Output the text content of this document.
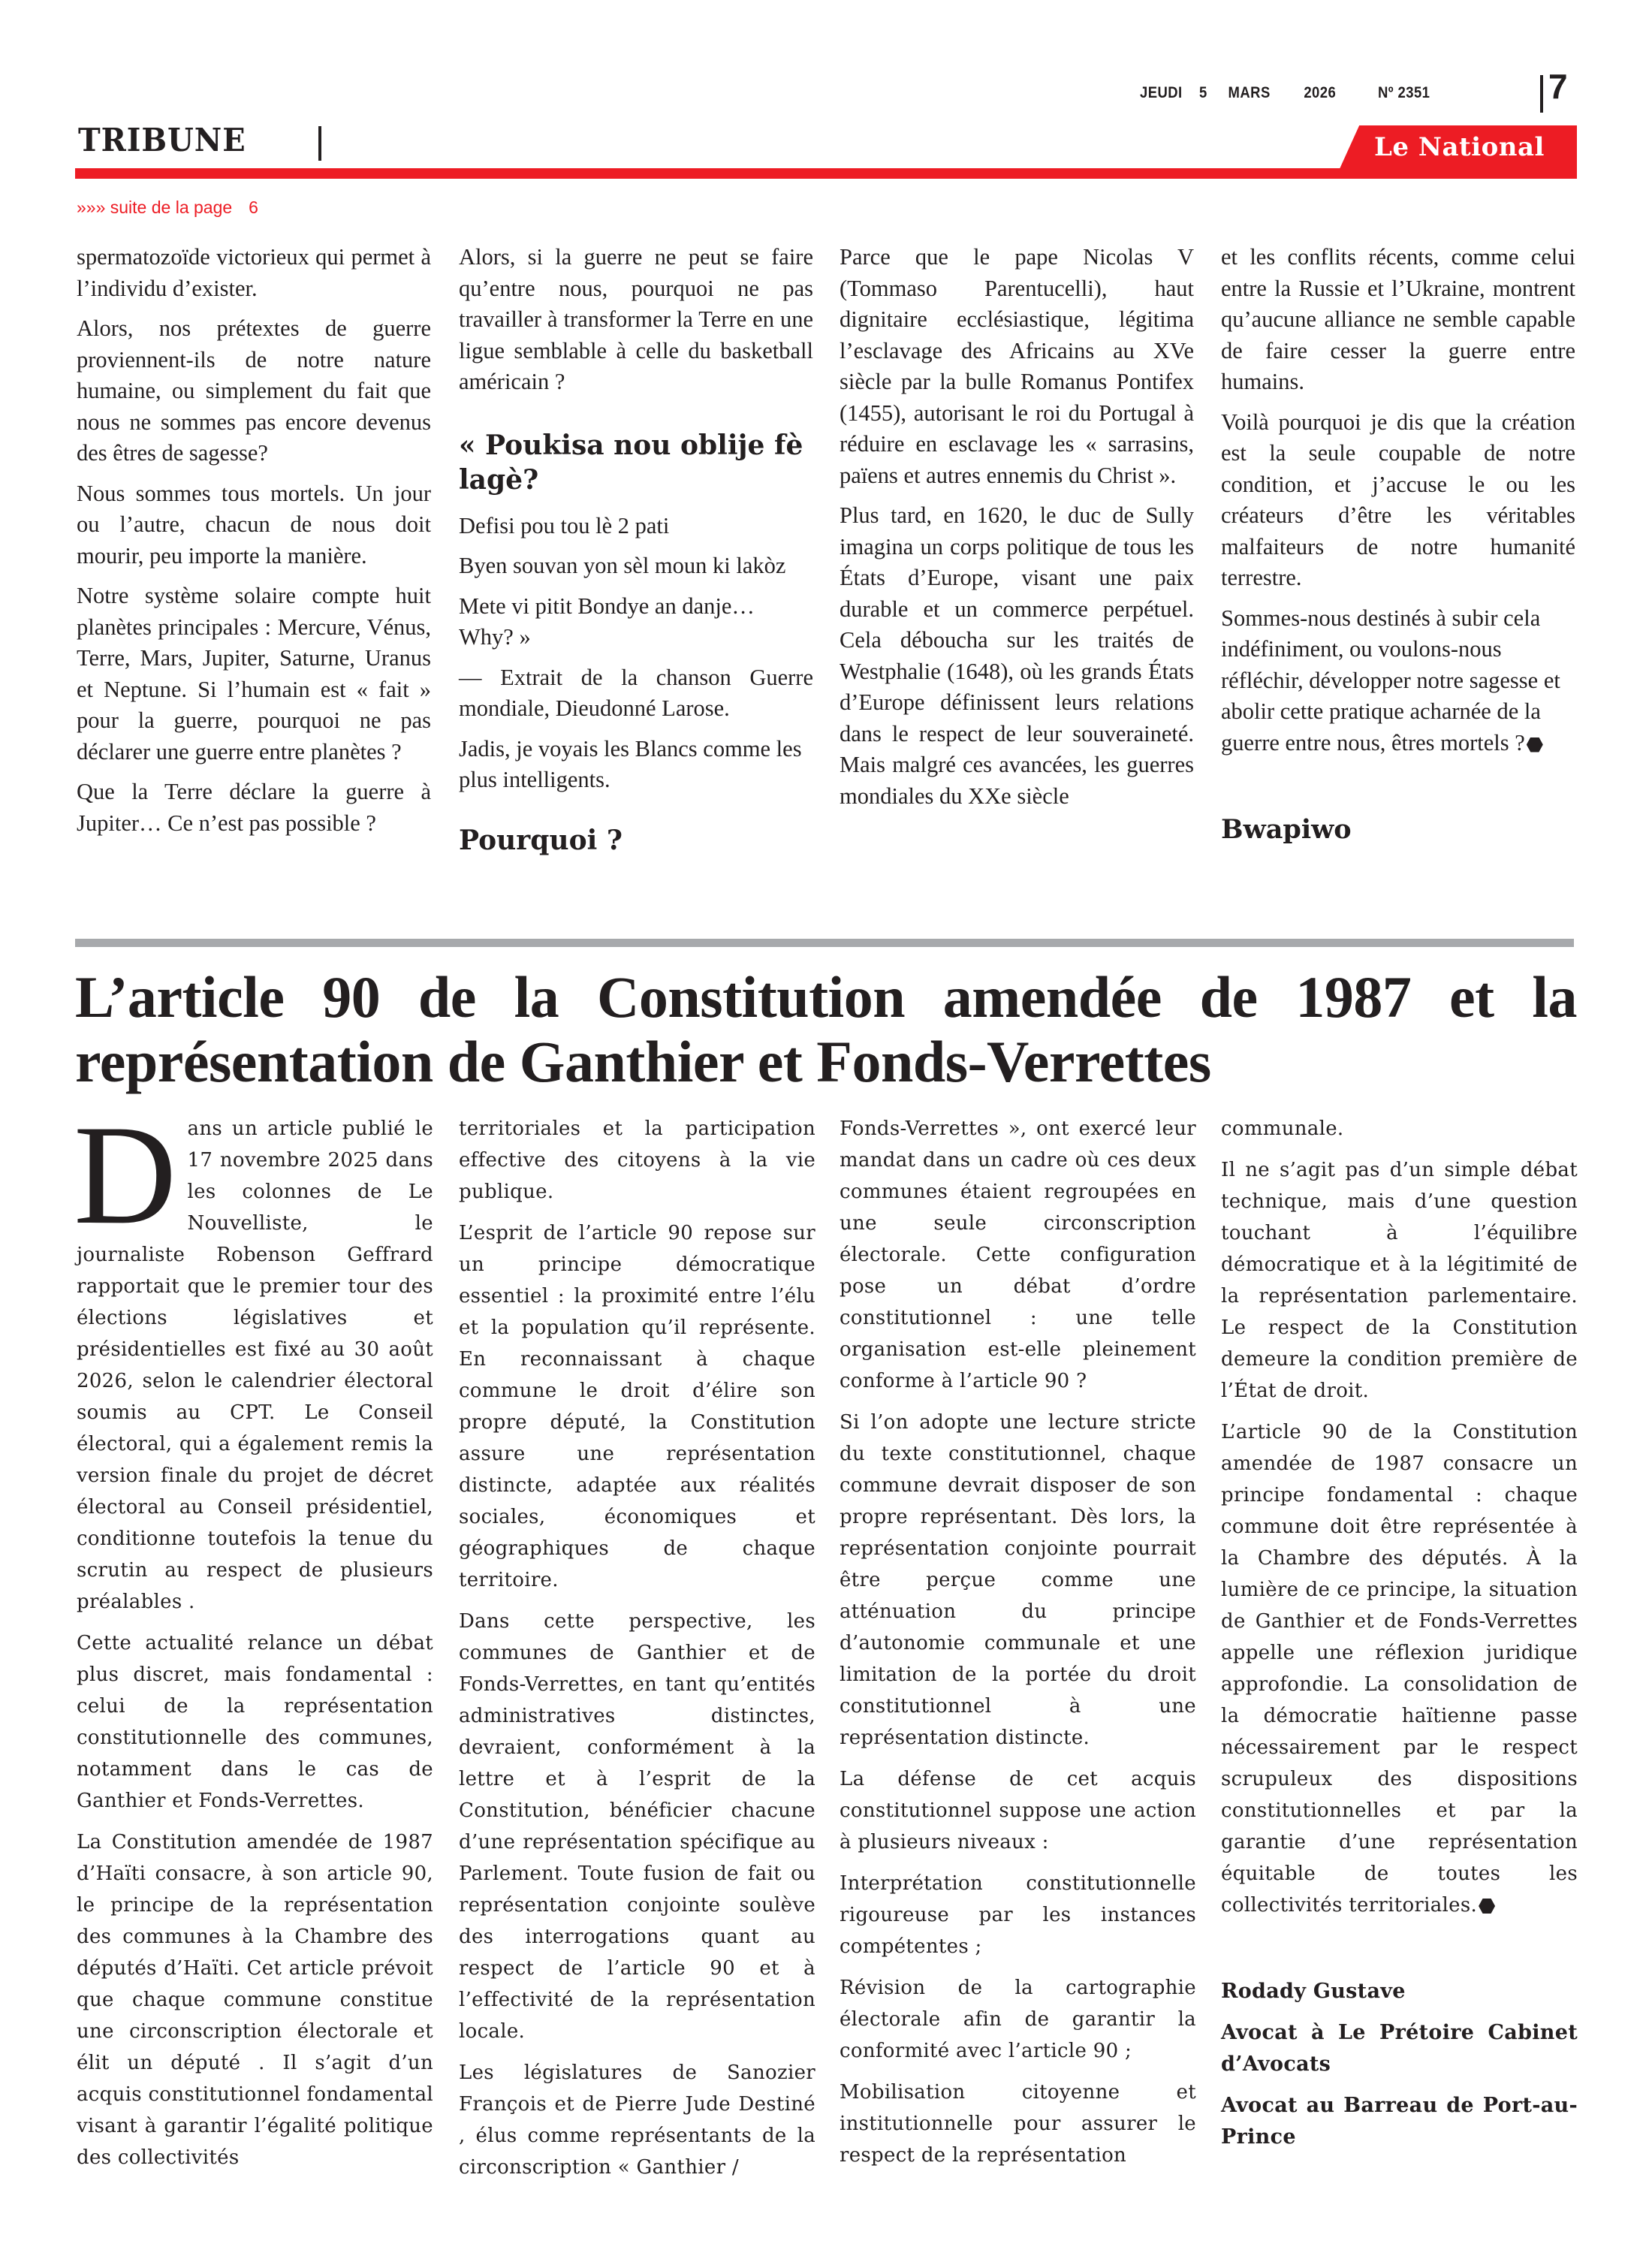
JEUDI 5 MARS 2026	Nº 2351	7
TRIBUNE	Le National
»»» suite de la page 6

spermatozoïde victorieux qui permet à l’individu d’exister.

Alors, nos prétextes de guerre proviennent-ils de notre nature humaine, ou simplement du fait que nous ne sommes pas encore devenus des êtres de sagesse?

Nous sommes tous mortels. Un jour ou l’autre, chacun de nous doit mourir, peu importe la manière.

Notre système solaire compte huit planètes principales : Mercure, Vénus, Terre, Mars, Jupiter, Saturne, Uranus et Neptune. Si l’humain est « fait » pour la guerre, pourquoi ne pas déclarer une guerre entre planètes ?

Que la Terre déclare la guerre à Jupiter… Ce n’est pas possible ?

Alors, si la guerre ne peut se faire qu’entre nous, pourquoi ne pas travailler à transformer la Terre en une ligue semblable à celle du basketball américain ?

« Poukisa nou oblije fè lagè?

Defisi pou tou lè 2 pati

Byen souvan yon sèl moun ki lakòz

Mete vi pitit Bondye an danje… Why? »

— Extrait de la chanson Guerre mondiale, Dieudonné Larose.

Jadis, je voyais les Blancs comme les plus intelligents.

Pourquoi ?

Parce que le pape Nicolas V (Tommaso Parentucelli), haut dignitaire ecclésiastique, légitima l’esclavage des Africains au XVe siècle par la bulle Romanus Pontifex (1455), autorisant le roi du Portugal à réduire en esclavage les « sarrasins, païens et autres ennemis du Christ ».

Plus tard, en 1620, le duc de Sully imagina un corps politique de tous les États d’Europe, visant une paix durable et un commerce perpétuel. Cela déboucha sur les traités de Westphalie (1648), où les grands États d’Europe définissent leurs relations dans le respect de leur souveraineté. Mais malgré ces avancées, les guerres mondiales du XXe siècle

et les conflits récents, comme celui entre la Russie et l’Ukraine, montrent qu’aucune alliance ne semble capable de faire cesser la guerre entre humains.

Voilà pourquoi je dis que la création est la seule coupable de notre condition, et j’accuse le ou les créateurs d’être les véritables malfaiteurs de notre humanité terrestre.

Sommes-nous destinés à subir cela indéfiniment, ou voulons-nous réfléchir, développer notre sagesse et abolir cette pratique acharnée de la guerre entre nous, êtres mortels ?

Bwapiwo
L’article 90 de la Constitution amendée de 1987 et la
représentation de Ganthier et Fonds-Verrettes

Dans un article publié le 17 novembre 2025 dans les colonnes de Le Nouvelliste, le journaliste Robenson Geffrard rapportait que le premier tour des élections législatives et présidentielles est fixé au 30 août 2026, selon le calendrier électoral soumis au CPT. Le Conseil électoral, qui a également remis la version finale du projet de décret électoral au Conseil présidentiel, conditionne toutefois la tenue du scrutin au respect de plusieurs préalables .

Cette actualité relance un débat plus discret, mais fondamental : celui de la représentation constitutionnelle des communes, notamment dans le cas de Ganthier et Fonds-Verrettes.

La Constitution amendée de 1987 d’Haïti consacre, à son article 90, le principe de la représentation des communes à la Chambre des députés d’Haïti. Cet article prévoit que chaque commune constitue une circonscription électorale et élit un député . Il s’agit d’un acquis constitutionnel fondamental visant à garantir l’égalité politique des collectivités

territoriales et la participation effective des citoyens à la vie publique.

L’esprit de l’article 90 repose sur un principe démocratique essentiel : la proximité entre l’élu et la population qu’il représente. En reconnaissant à chaque commune le droit d’élire son propre député, la Constitution assure une représentation distincte, adaptée aux réalités sociales, économiques et géographiques de chaque territoire.

Dans cette perspective, les communes de Ganthier et de Fonds-Verrettes, en tant qu’entités administratives distinctes, devraient, conformément à la lettre et à l’esprit de la Constitution, bénéficier chacune d’une représentation spécifique au Parlement. Toute fusion de fait ou représentation conjointe soulève des interrogations quant au respect de l’article 90 et à l’effectivité de la représentation locale.

Les législatures de Sanozier François et de Pierre Jude Destiné , élus comme représentants de la circonscription « Ganthier /

Fonds-Verrettes », ont exercé leur mandat dans un cadre où ces deux communes étaient regroupées en une seule circonscription électorale. Cette configuration pose un débat d’ordre constitutionnel : une telle organisation est-elle pleinement conforme à l’article 90 ?

Si l’on adopte une lecture stricte du texte constitutionnel, chaque commune devrait disposer de son propre représentant. Dès lors, la représentation conjointe pourrait être perçue comme une atténuation du principe d’autonomie communale et une limitation de la portée du droit constitutionnel à une représentation distincte.

La défense de cet acquis constitutionnel suppose une action à plusieurs niveaux :

Interprétation constitutionnelle rigoureuse par les instances compétentes ;

Révision de la cartographie électorale afin de garantir la conformité avec l’article 90 ;

Mobilisation citoyenne et institutionnelle pour assurer le respect de la représentation

communale.

Il ne s’agit pas d’un simple débat technique, mais d’une question touchant à l’équilibre démocratique et à la légitimité de la représentation parlementaire. Le respect de la Constitution demeure la condition première de l’État de droit.

L’article 90 de la Constitution amendée de 1987 consacre un principe fondamental : chaque commune doit être représentée à la Chambre des députés. À la lumière de ce principe, la situation de Ganthier et de Fonds-Verrettes appelle une réflexion juridique approfondie. La consolidation de la démocratie haïtienne passe nécessairement par le respect scrupuleux des dispositions constitutionnelles et par la garantie d’une représentation équitable de toutes les collectivités territoriales.

Rodady Gustave

Avocat à Le Prétoire Cabinet d’Avocats

Avocat au Barreau de Port-au-Prince
